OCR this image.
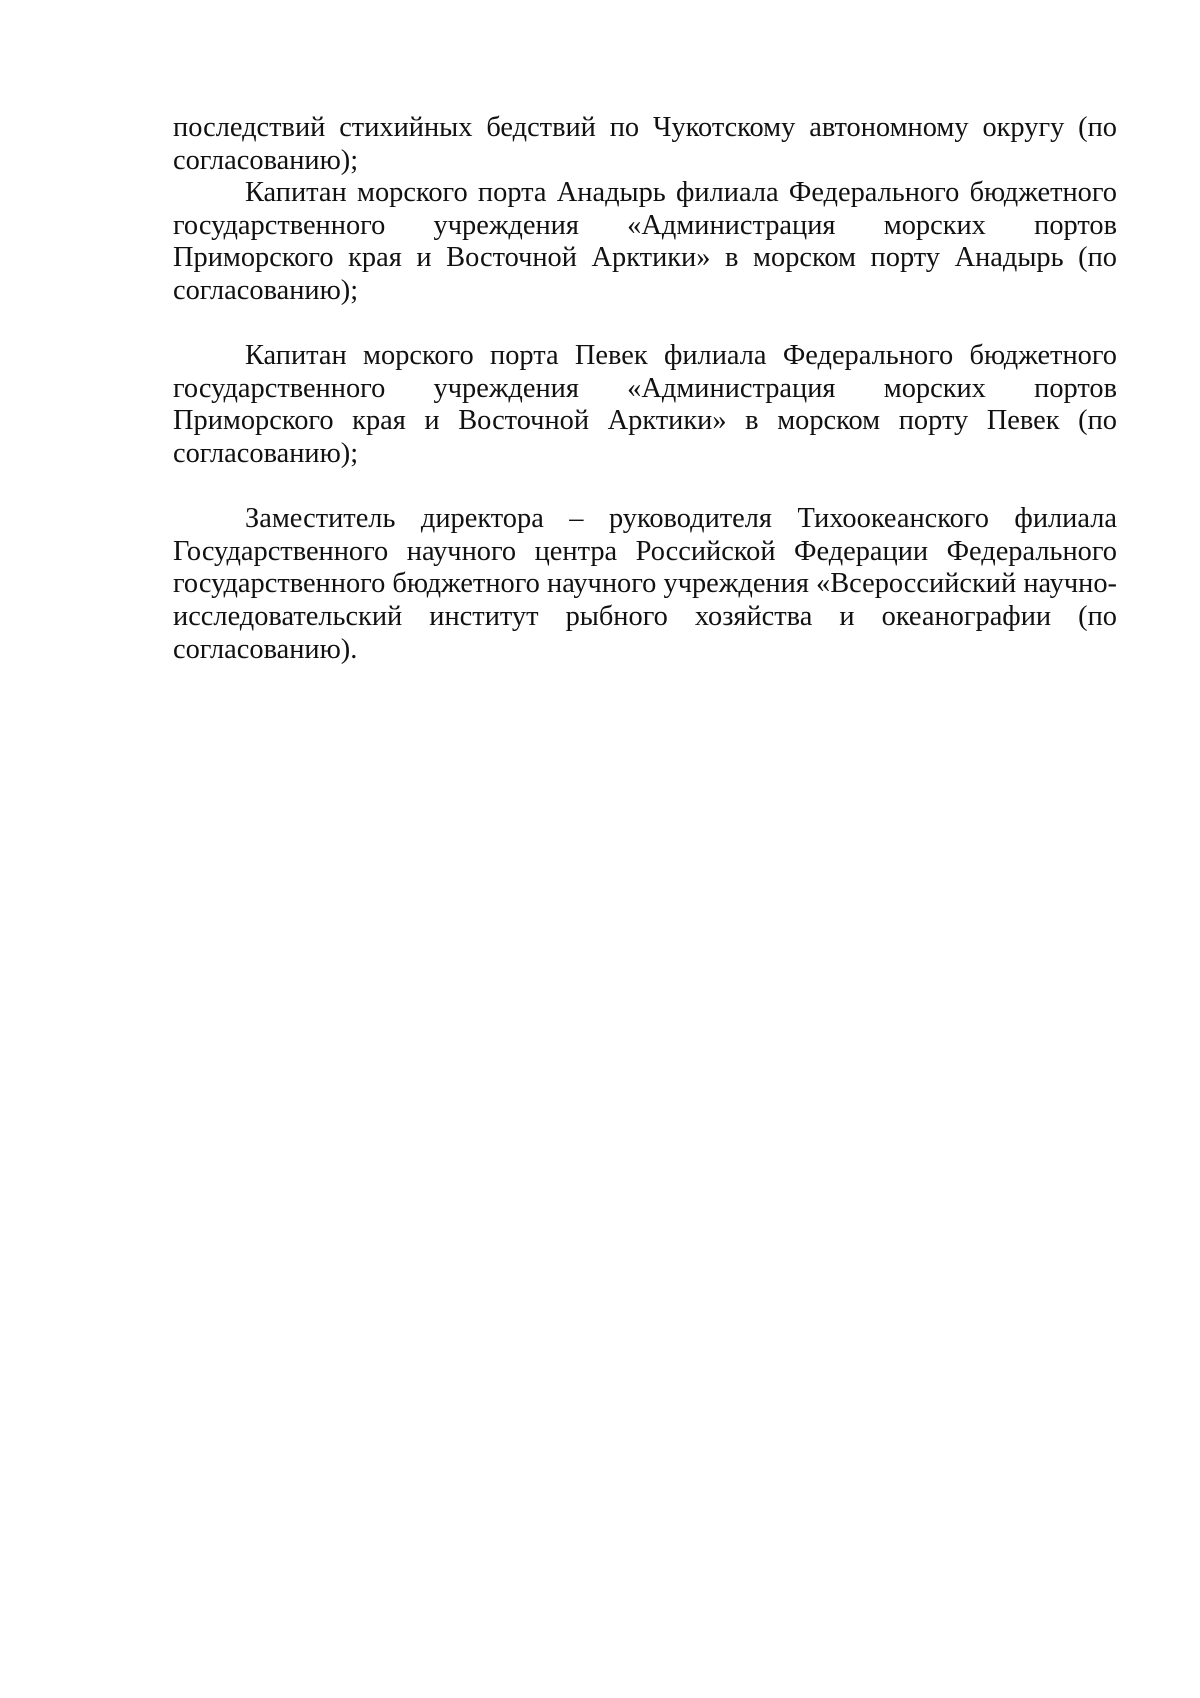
последствий стихийных бедствий по Чукотскому автономному округу (по согласованию);

Капитан морского порта Анадырь филиала Федерального бюджетного государственного учреждения «Администрация морских портов Приморского края и Восточной Арктики» в морском порту Анадырь (по согласованию);

Капитан морского порта Певек филиала Федерального бюджетного государственного учреждения «Администрация морских портов Приморского края и Восточной Арктики» в морском порту Певек (по согласованию);

Заместитель директора – руководителя Тихоокеанского филиала Государственного научного центра Российской Федерации Федерального государственного бюджетного научного учреждения «Всероссийский научно-исследовательский институт рыбного хозяйства и океанографии (по согласованию).
